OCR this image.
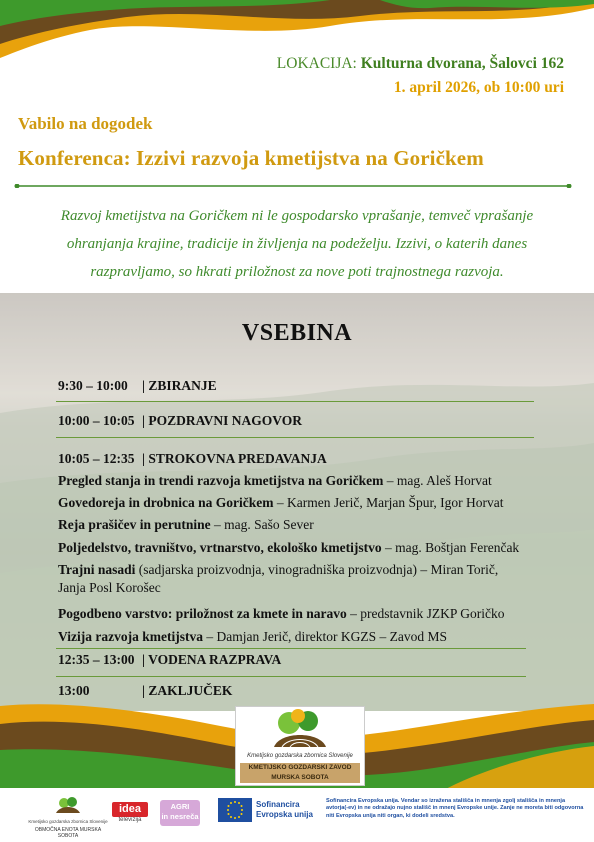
LOKACIJA: Kulturna dvorana, Šalovci 162
1. april 2026, ob 10:00 uri
Vabilo na dogodek
Konferenca: Izzivi razvoja kmetijstva na Goričkem
Razvoj kmetijstva na Goričkem ni le gospodarsko vprašanje, temveč vprašanje
ohranjanja krajine, tradicije in življenja na podeželju. Izzivi, o katerih danes
razpravljamo, so hkrati priložnost za nove poti trajnostnega razvoja.
VSEBINA
9:30 – 10:00 | ZBIRANJE
10:00 – 10:05 | POZDRAVNI NAGOVOR
10:05 – 12:35 | STROKOVNA PREDAVANJA
Pregled stanja in trendi razvoja kmetijstva na Goričkem – mag. Aleš Horvat
Govedoreja in drobnica na Goričkem – Karmen Jerič, Marjan Špur, Igor Horvat
Reja prašičev in perutnine – mag. Sašo Sever
Poljedelstvo, travništvo, vrtnarstvo, ekološko kmetijstvo – mag. Boštjan Ferenčak
Trajni nasadi (sadjarska proizvodnja, vinogradniška proizvodnja) – Miran Torič,
Janja Posl Korošec
Pogodbeno varstvo: priložnost za kmete in naravo – predstavnik JZKP Goričko
Vizija razvoja kmetijstva – Damjan Jerič, direktor KGZS – Zavod MS
12:35 – 13:00 | VODENA RAZPRAVA
13:00	| ZAKLJUČEK
Kmetijsko gozdarska zbornica Slovenije
KMETIJSKO GOZDARSKI ZAVOD
MURSKA SOBOTA
Kmetijsko gozdarska zbornica Slovenije
OBMOČNA ENOTA MURSKA SOBOTA
idea
televizija
AGRI
in nesreča
Sofinancira
Evropska unija
Sofinancira Evropska unija. Vendar so izražena stališča in mnenja zgolj stališča in mnenja avtorja(-ev) in ne odražajo nujno stališč in mnenj Evropske unije. Zanje ne moreta biti odgovorna niti Evropska unija niti organ, ki dodeli sredstva.
